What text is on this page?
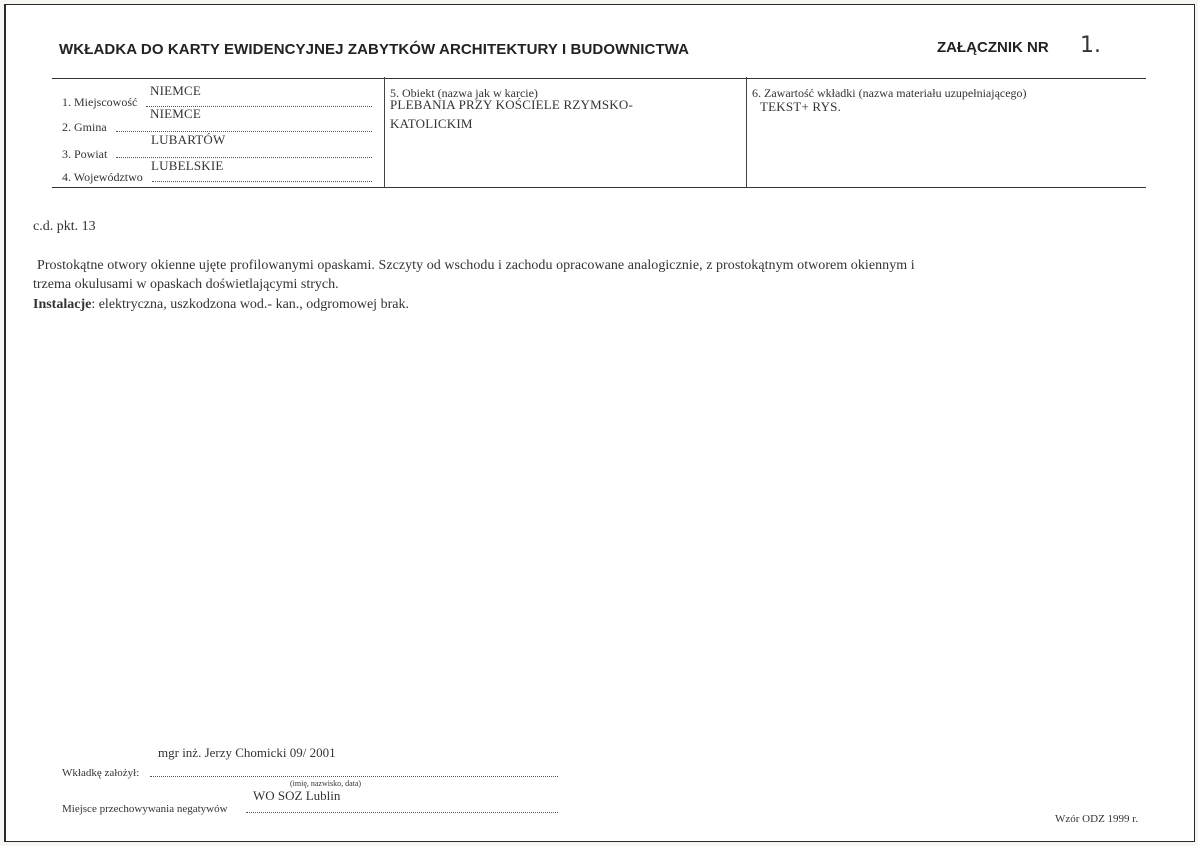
WKŁADKA DO KARTY EWIDENCYJNEJ ZABYTKÓW ARCHITEKTURY I BUDOWNICTWA	ZAŁĄCZNIK NR 1.
NIEMCE
1. Miejscowość
NIEMCE
2. Gmina
LUBARTÓW
3. Powiat
LUBELSKIE
4. Województwo
5. Obiekt (nazwa jak w karcie)
PLEBANIA PRZY KOŚCIELE RZYMSKO-
KATOLICKIM
6. Zawartość wkładki (nazwa materiału uzupełniającego)
TEKST+ RYS.
c.d. pkt. 13
Prostokątne otwory okienne ujęte profilowanymi opaskami. Szczyty od wschodu i zachodu opracowane analogicznie, z prostokątnym otworem okiennym i
trzema okulusami w opaskach doświetlającymi strych.
Instalacje: elektryczna, uszkodzona wod.- kan., odgromowej brak.
mgr inż. Jerzy Chomicki 09/ 2001
Wkładkę założył:
(imię, nazwisko, data)
WO SOZ Lublin
Miejsce przechowywania negatywów
Wzór ODZ 1999 r.
